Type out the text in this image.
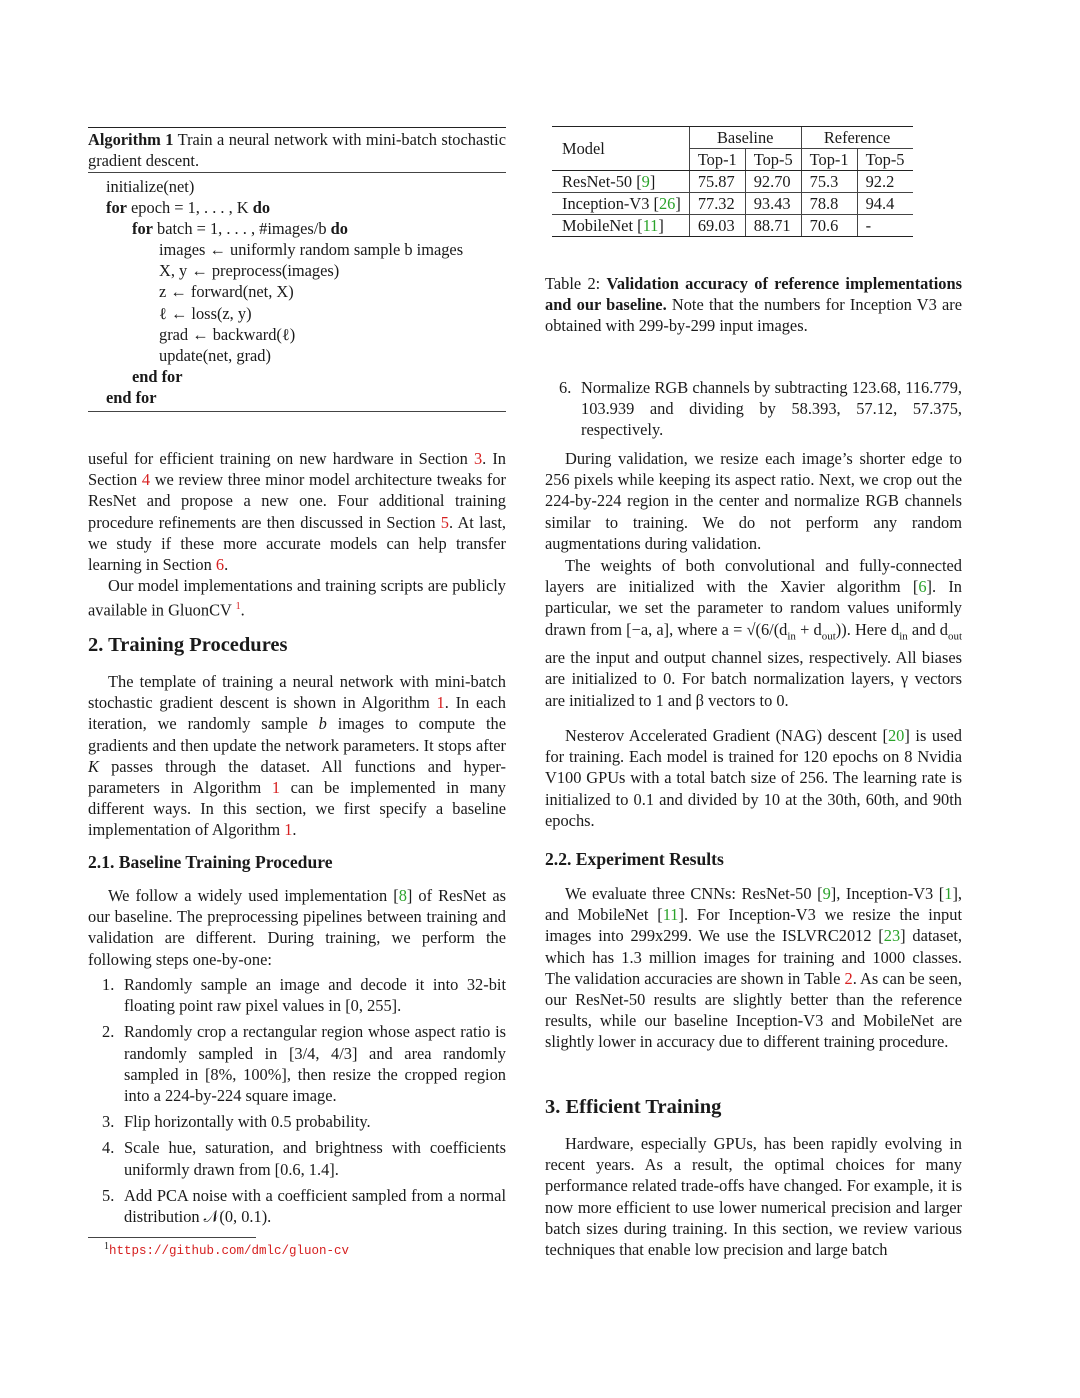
Algorithm 1 Train a neural network with mini-batch stochastic gradient descent.
initialize(net)
for epoch = 1, . . . , K do
for batch = 1, . . . , #images/b do
images ← uniformly random sample b images
X, y ← preprocess(images)
z ← forward(net, X)
ℓ ← loss(z, y)
grad ← backward(ℓ)
update(net, grad)
end for
end for

useful for efficient training on new hardware in Section 3. In Section 4 we review three minor model architecture tweaks for ResNet and propose a new one. Four additional training procedure refinements are then discussed in Section 5. At last, we study if these more accurate models can help transfer learning in Section 6.

Our model implementations and training scripts are publicly available in GluonCV $^1$.

2. Training Procedures

The template of training a neural network with mini-batch stochastic gradient descent is shown in Algorithm 1. In each iteration, we randomly sample b images to compute the gradients and then update the network parameters. It stops after K passes through the dataset. All functions and hyper-parameters in Algorithm 1 can be implemented in many different ways. In this section, we first specify a baseline implementation of Algorithm 1.

2.1. Baseline Training Procedure

We follow a widely used implementation [8] of ResNet as our baseline. The preprocessing pipelines between training and validation are different. During training, we perform the following steps one-by-one:

1. Randomly sample an image and decode it into 32-bit floating point raw pixel values in [0, 255].
2. Randomly crop a rectangular region whose aspect ratio is randomly sampled in [3/4, 4/3] and area randomly sampled in [8%, 100%], then resize the cropped region into a 224-by-224 square image.
3. Flip horizontally with 0.5 probability.
4. Scale hue, saturation, and brightness with coefficients uniformly drawn from [0.6, 1.4].
5. Add PCA noise with a coefficient sampled from a normal distribution 𝒩(0, 0.1).
$^1$https://github.com/dmlc/gluon-cv
Model	Baseline		Reference	
	Top-1	Top-5	Top-1	Top-5
ResNet-50 [9]	75.87	92.70	75.3	92.2
Inception-V3 [26]	77.32	93.43	78.8	94.4
MobileNet [11]	69.03	88.71	70.6	-

Table 2: Validation accuracy of reference implementations and our baseline. Note that the numbers for Inception V3 are obtained with 299-by-299 input images.

6. Normalize RGB channels by subtracting 123.68, 116.779, 103.939 and dividing by 58.393, 57.12, 57.375, respectively.

During validation, we resize each image’s shorter edge to 256 pixels while keeping its aspect ratio. Next, we crop out the 224-by-224 region in the center and normalize RGB channels similar to training. We do not perform any random augmentations during validation.

The weights of both convolutional and fully-connected layers are initialized with the Xavier algorithm [6]. In particular, we set the parameter to random values uniformly drawn from [−a, a], where $a = √(6/(d_{in} + d_{out}))$. Here $d_{in}$ and $d_{out}$ are the input and output channel sizes, respectively. All biases are initialized to 0. For batch normalization layers, γ vectors are initialized to 1 and β vectors to 0.

Nesterov Accelerated Gradient (NAG) descent [20] is used for training. Each model is trained for 120 epochs on 8 Nvidia V100 GPUs with a total batch size of 256. The learning rate is initialized to 0.1 and divided by 10 at the 30th, 60th, and 90th epochs.

2.2. Experiment Results

We evaluate three CNNs: ResNet-50 [9], Inception-V3 [1], and MobileNet [11]. For Inception-V3 we resize the input images into 299x299. We use the ISLVRC2012 [23] dataset, which has 1.3 million images for training and 1000 classes. The validation accuracies are shown in Table 2. As can be seen, our ResNet-50 results are slightly better than the reference results, while our baseline Inception-V3 and MobileNet are slightly lower in accuracy due to different training procedure.

3. Efficient Training

Hardware, especially GPUs, has been rapidly evolving in recent years. As a result, the optimal choices for many performance related trade-offs have changed. For example, it is now more efficient to use lower numerical precision and larger batch sizes during training. In this section, we review various techniques that enable low precision and large batch
